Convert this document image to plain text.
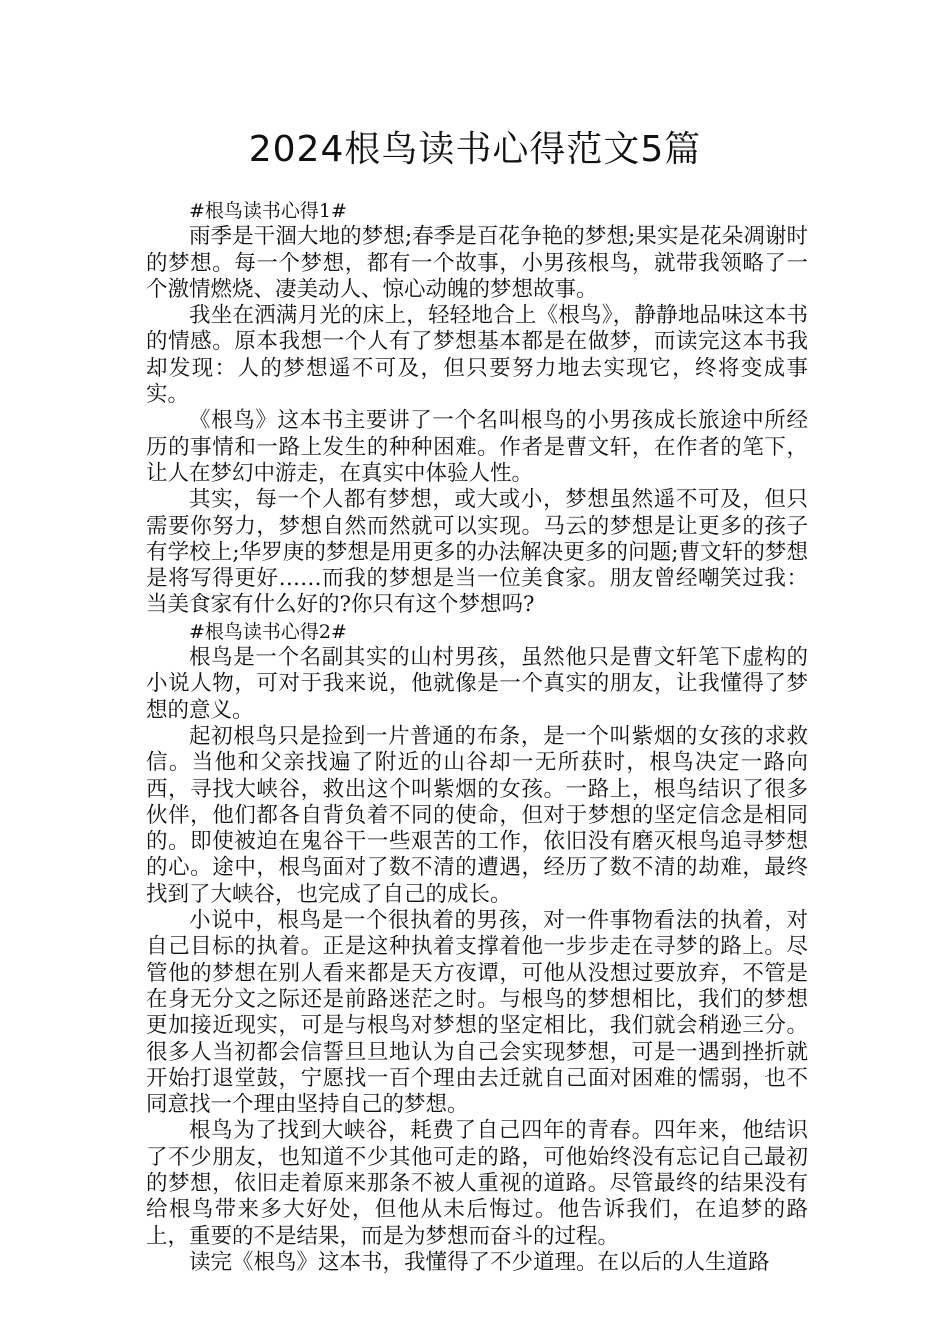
2024根鸟读书心得范文5篇

#根鸟读书心得1#

雨季是干涸大地的梦想;春季是百花争艳的梦想;果实是花朵凋谢时的梦想。每一个梦想，都有一个故事，小男孩根鸟，就带我领略了一个激情燃烧、凄美动人、惊心动魄的梦想故事。

我坐在洒满月光的床上，轻轻地合上《根鸟》，静静地品味这本书的情感。原本我想一个人有了梦想基本都是在做梦，而读完这本书我却发现：人的梦想遥不可及，但只要努力地去实现它，终将变成事实。

《根鸟》这本书主要讲了一个名叫根鸟的小男孩成长旅途中所经历的事情和一路上发生的种种困难。作者是曹文轩，在作者的笔下，让人在梦幻中游走，在真实中体验人性。

其实，每一个人都有梦想，或大或小，梦想虽然遥不可及，但只需要你努力，梦想自然而然就可以实现。马云的梦想是让更多的孩子有学校上;华罗庚的梦想是用更多的办法解决更多的问题;曹文轩的梦想是将写得更好……而我的梦想是当一位美食家。朋友曾经嘲笑过我：当美食家有什么好的?你只有这个梦想吗?

#根鸟读书心得2#

根鸟是一个名副其实的山村男孩，虽然他只是曹文轩笔下虚构的小说人物，可对于我来说，他就像是一个真实的朋友，让我懂得了梦想的意义。

起初根鸟只是捡到一片普通的布条，是一个叫紫烟的女孩的求救信。当他和父亲找遍了附近的山谷却一无所获时，根鸟决定一路向西，寻找大峡谷，救出这个叫紫烟的女孩。一路上，根鸟结识了很多伙伴，他们都各自背负着不同的使命，但对于梦想的坚定信念是相同的。即使被迫在鬼谷干一些艰苦的工作，依旧没有磨灭根鸟追寻梦想的心。途中，根鸟面对了数不清的遭遇，经历了数不清的劫难，最终找到了大峡谷，也完成了自己的成长。

小说中，根鸟是一个很执着的男孩，对一件事物看法的执着，对自己目标的执着。正是这种执着支撑着他一步步走在寻梦的路上。尽管他的梦想在别人看来都是天方夜谭，可他从没想过要放弃，不管是在身无分文之际还是前路迷茫之时。与根鸟的梦想相比，我们的梦想更加接近现实，可是与根鸟对梦想的坚定相比，我们就会稍逊三分。很多人当初都会信誓旦旦地认为自己会实现梦想，可是一遇到挫折就开始打退堂鼓，宁愿找一百个理由去迁就自己面对困难的懦弱，也不同意找一个理由坚持自己的梦想。

根鸟为了找到大峡谷，耗费了自己四年的青春。四年来，他结识了不少朋友，也知道不少其他可走的路，可他始终没有忘记自己最初的梦想，依旧走着原来那条不被人重视的道路。尽管最终的结果没有给根鸟带来多大好处，但他从未后悔过。他告诉我们，在追梦的路上，重要的不是结果，而是为梦想而奋斗的过程。

读完《根鸟》这本书，我懂得了不少道理。在以后的人生道路
